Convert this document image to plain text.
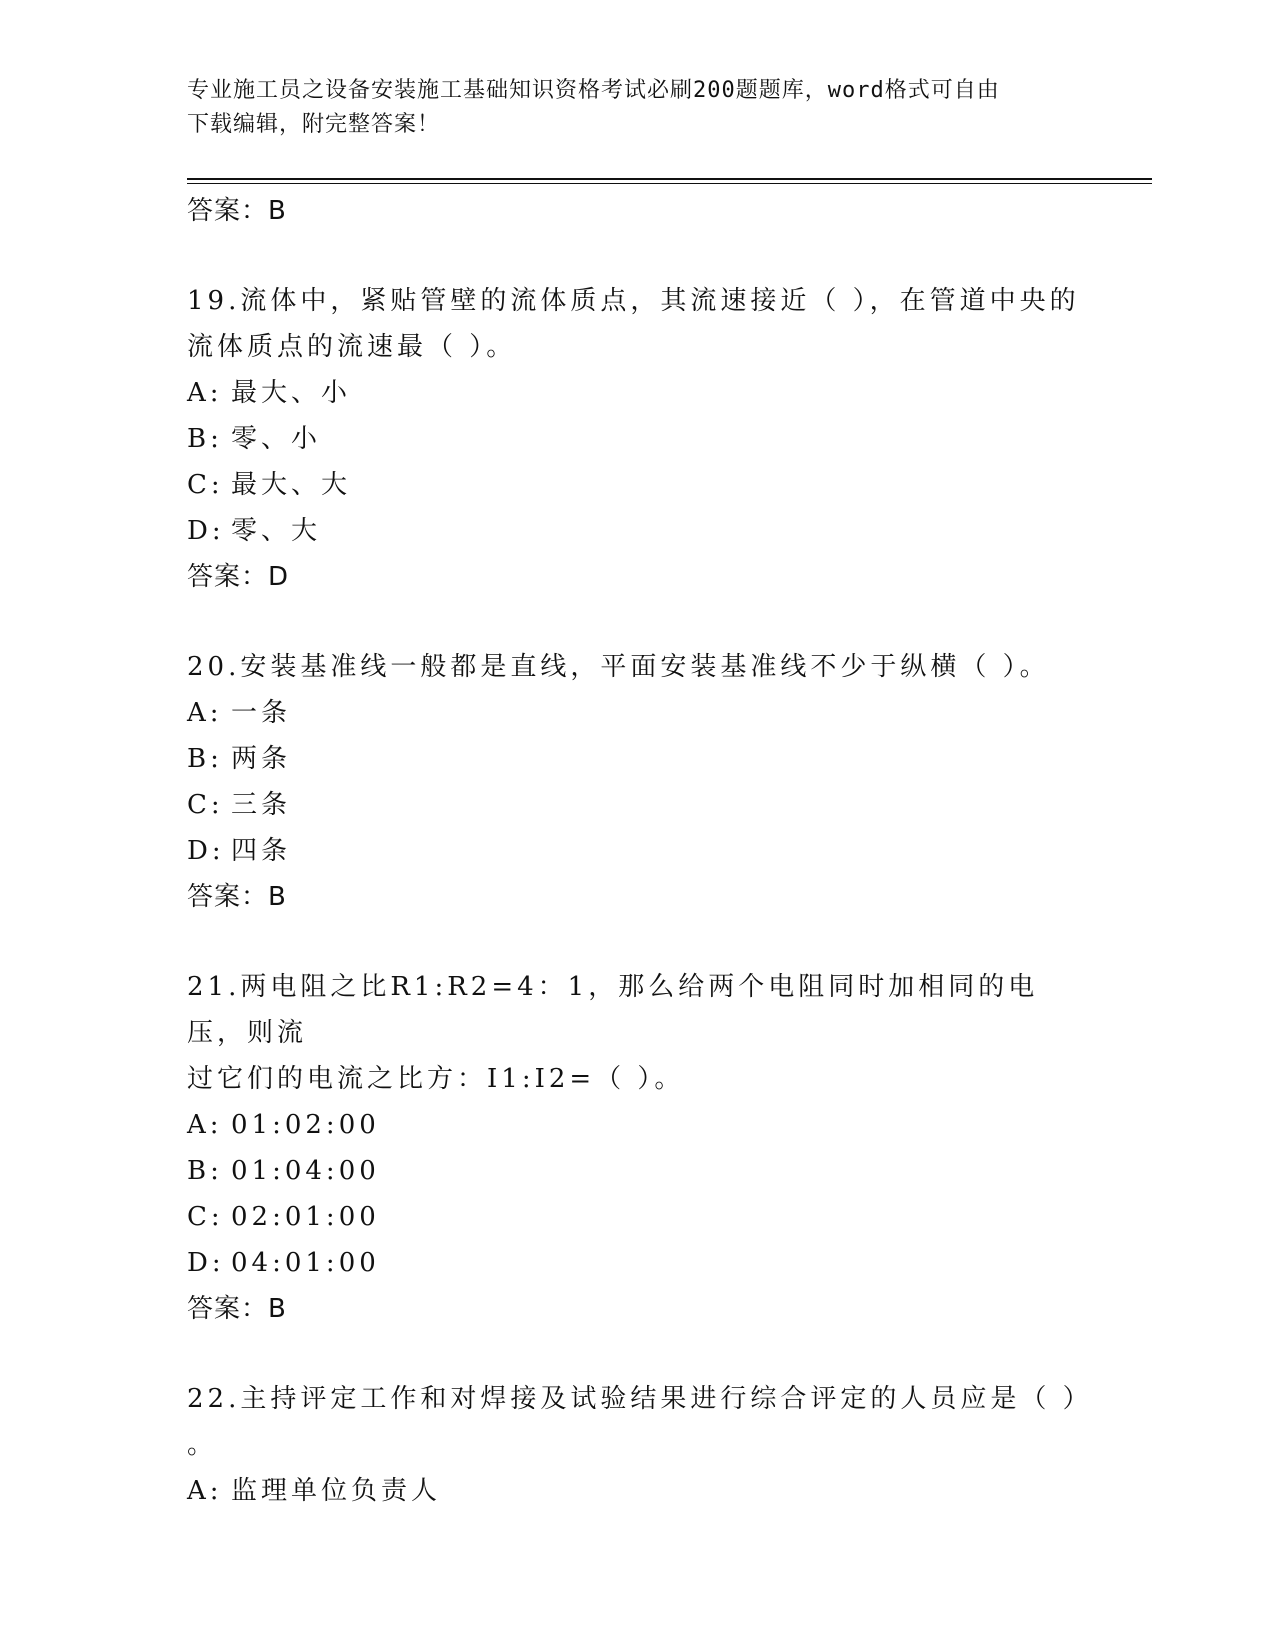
专业施工员之设备安装施工基础知识资格考试必刷200题题库，word格式可自由
下载编辑，附完整答案！
答案：B
19.流体中，紧贴管壁的流体质点，其流速接近（ ），在管道中央的
流体质点的流速最（ ）。
A: 最大、小
B: 零、小
C: 最大、大
D: 零、大
答案：D
20.安装基准线一般都是直线，平面安装基准线不少于纵横（ ）。
A: 一条
B: 两条
C: 三条
D: 四条
答案：B
21.两电阻之比R1:R2=4：1，那么给两个电阻同时加相同的电压，则流
过它们的电流之比方：I1:I2=（ ）。
A: 01:02:00
B: 01:04:00
C: 02:01:00
D: 04:01:00
答案：B
22.主持评定工作和对焊接及试验结果进行综合评定的人员应是（ ）
。
A: 监理单位负责人
